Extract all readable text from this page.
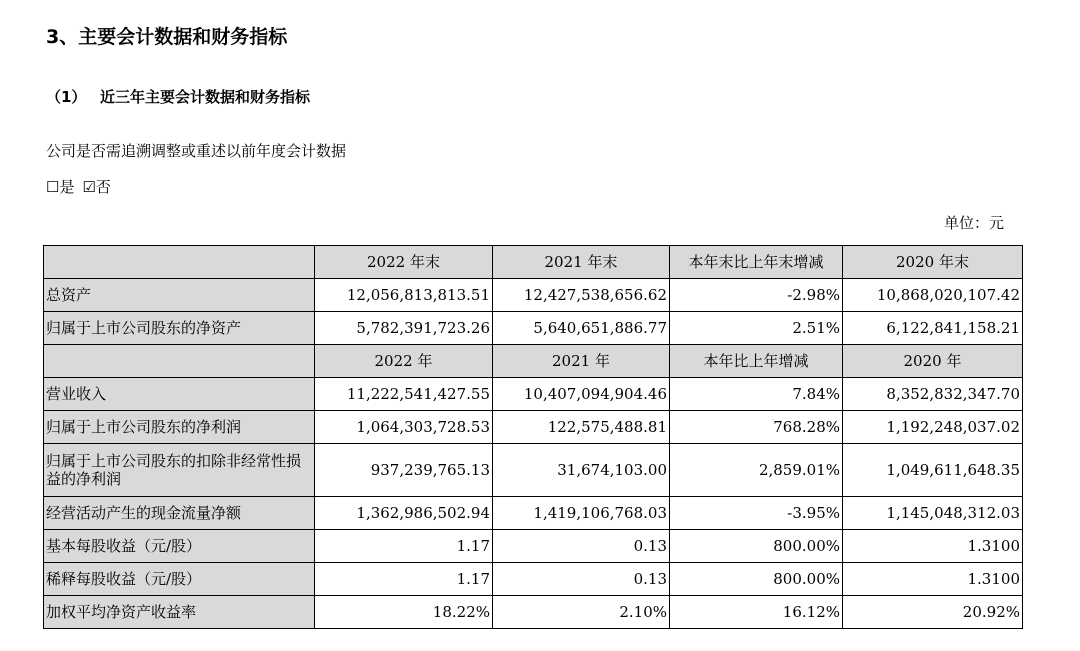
3、主要会计数据和财务指标
（1） 近三年主要会计数据和财务指标
公司是否需追溯调整或重述以前年度会计数据
☐是 ☑否
单位：元
	2022 年末	2021 年末	本年末比上年末增减	2020 年末
总资产	12,056,813,813.51	12,427,538,656.62	-2.98%	10,868,020,107.42
归属于上市公司股东的净资产	5,782,391,723.26	5,640,651,886.77	2.51%	6,122,841,158.21
	2022 年	2021 年	本年比上年增减	2020 年
营业收入	11,222,541,427.55	10,407,094,904.46	7.84%	8,352,832,347.70
归属于上市公司股东的净利润	1,064,303,728.53	122,575,488.81	768.28%	1,192,248,037.02
归属于上市公司股东的扣除非经常性损益的净利润	937,239,765.13	31,674,103.00	2,859.01%	1,049,611,648.35
经营活动产生的现金流量净额	1,362,986,502.94	1,419,106,768.03	-3.95%	1,145,048,312.03
基本每股收益（元/股）	1.17	0.13	800.00%	1.3100
稀释每股收益（元/股）	1.17	0.13	800.00%	1.3100
加权平均净资产收益率	18.22%	2.10%	16.12%	20.92%
